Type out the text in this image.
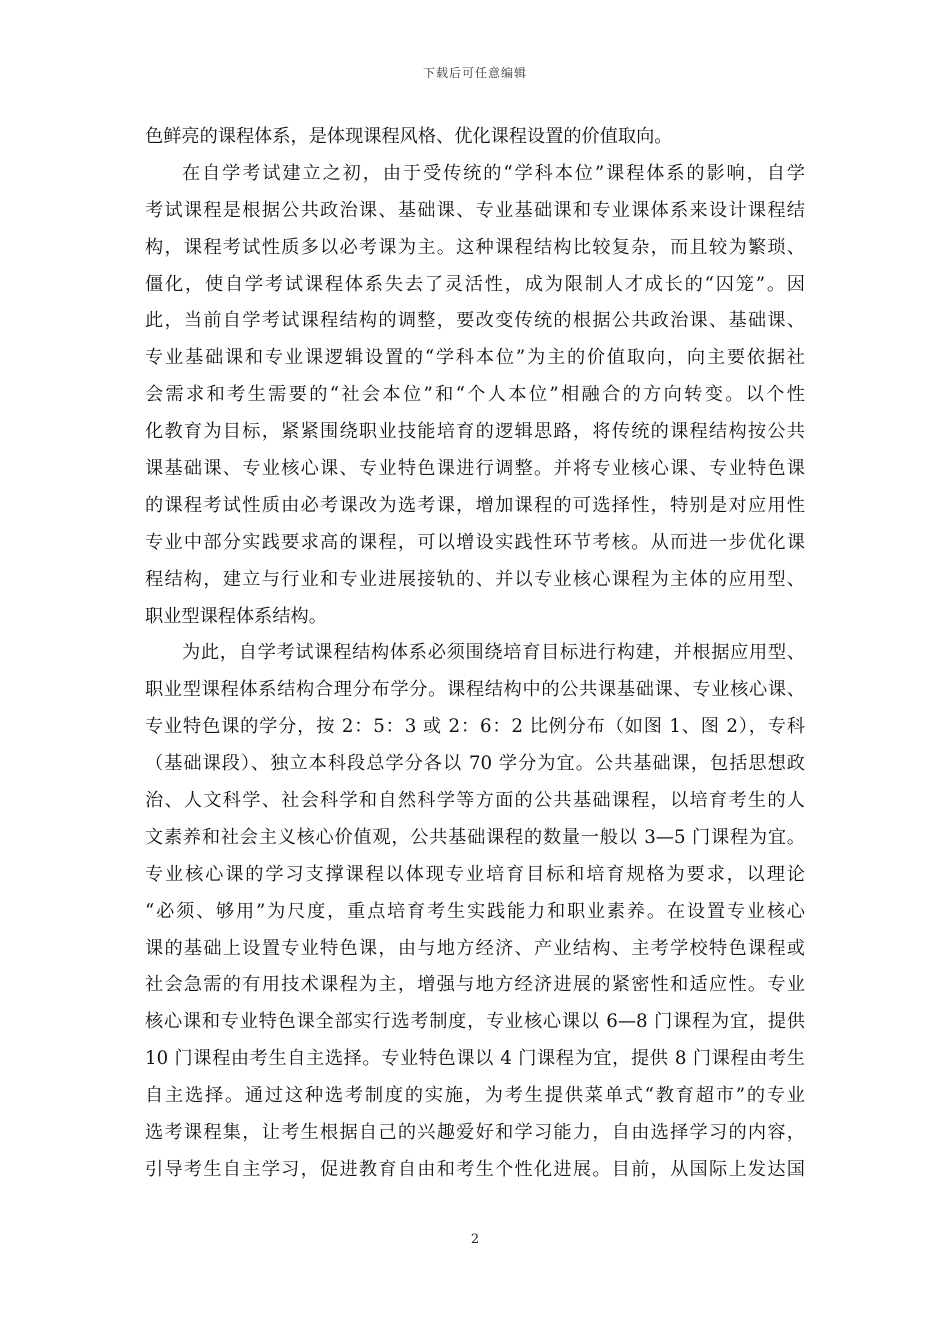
下载后可任意编辑
色鲜亮的课程体系，是体现课程风格、优化课程设置的价值取向。
在自学考试建立之初，由于受传统的“学科本位”课程体系的影响，自学
考试课程是根据公共政治课、基础课、专业基础课和专业课体系来设计课程结
构，课程考试性质多以必考课为主。这种课程结构比较复杂，而且较为繁琐、
僵化，使自学考试课程体系失去了灵活性，成为限制人才成长的“囚笼”。因
此，当前自学考试课程结构的调整，要改变传统的根据公共政治课、基础课、
专业基础课和专业课逻辑设置的“学科本位”为主的价值取向，向主要依据社
会需求和考生需要的“社会本位”和“个人本位”相融合的方向转变。以个性
化教育为目标，紧紧围绕职业技能培育的逻辑思路，将传统的课程结构按公共
课基础课、专业核心课、专业特色课进行调整。并将专业核心课、专业特色课
的课程考试性质由必考课改为选考课，增加课程的可选择性，特别是对应用性
专业中部分实践要求高的课程，可以增设实践性环节考核。从而进一步优化课
程结构，建立与行业和专业进展接轨的、并以专业核心课程为主体的应用型、
职业型课程体系结构。
为此，自学考试课程结构体系必须围绕培育目标进行构建，并根据应用型、
职业型课程体系结构合理分布学分。课程结构中的公共课基础课、专业核心课、
专业特色课的学分，按 2：5：3 或 2：6：2 比例分布（如图 1、图 2），专科
（基础课段）、独立本科段总学分各以 70 学分为宜。公共基础课，包括思想政
治、人文科学、社会科学和自然科学等方面的公共基础课程，以培育考生的人
文素养和社会主义核心价值观，公共基础课程的数量一般以 3—5 门课程为宜。
专业核心课的学习支撑课程以体现专业培育目标和培育规格为要求，以理论
“必须、够用”为尺度，重点培育考生实践能力和职业素养。在设置专业核心
课的基础上设置专业特色课，由与地方经济、产业结构、主考学校特色课程或
社会急需的有用技术课程为主，增强与地方经济进展的紧密性和适应性。专业
核心课和专业特色课全部实行选考制度，专业核心课以 6—8 门课程为宜，提供
10 门课程由考生自主选择。专业特色课以 4 门课程为宜，提供 8 门课程由考生
自主选择。通过这种选考制度的实施，为考生提供菜单式“教育超市”的专业
选考课程集，让考生根据自己的兴趣爱好和学习能力，自由选择学习的内容，
引导考生自主学习，促进教育自由和考生个性化进展。目前，从国际上发达国
2
